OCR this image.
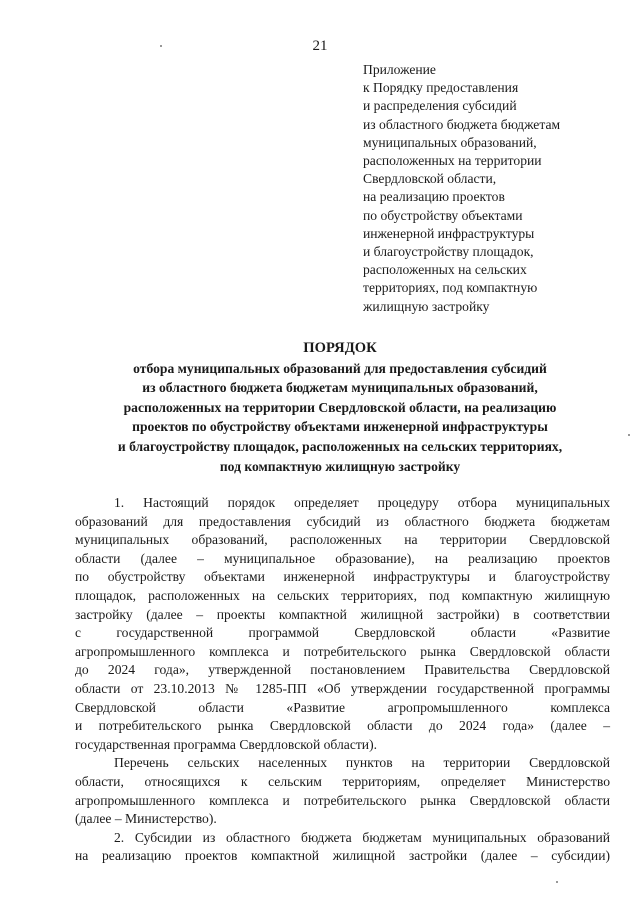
21
Приложение
к Порядку предоставления
и распределения субсидий
из областного бюджета бюджетам
муниципальных образований,
расположенных на территории
Свердловской области,
на реализацию проектов
по обустройству объектами
инженерной инфраструктуры
и благоустройству площадок,
расположенных на сельских
территориях, под компактную
жилищную застройку
ПОРЯДОК
отбора муниципальных образований для предоставления субсидий
из областного бюджета бюджетам муниципальных образований,
расположенных на территории Свердловской области, на реализацию
проектов по обустройству объектами инженерной инфраструктуры
и благоустройству площадок, расположенных на сельских территориях,
под компактную жилищную застройку
1. Настоящий порядок определяет процедуру отбора муниципальных
образований для предоставления субсидий из областного бюджета бюджетам
муниципальных образований, расположенных на территории Свердловской
области (далее – муниципальное образование), на реализацию проектов
по обустройству объектами инженерной инфраструктуры и благоустройству
площадок, расположенных на сельских территориях, под компактную жилищную
застройку (далее – проекты компактной жилищной застройки) в соответствии
с государственной программой Свердловской области «Развитие
агропромышленного комплекса и потребительского рынка Свердловской области
до 2024 года», утвержденной постановлением Правительства Свердловской
области от 23.10.2013 № 1285-ПП «Об утверждении государственной программы
Свердловской области «Развитие агропромышленного комплекса
и потребительского рынка Свердловской области до 2024 года» (далее –
государственная программа Свердловской области).
Перечень сельских населенных пунктов на территории Свердловской
области, относящихся к сельским территориям, определяет Министерство
агропромышленного комплекса и потребительского рынка Свердловской области
(далее – Министерство).
2. Субсидии из областного бюджета бюджетам муниципальных образований
на реализацию проектов компактной жилищной застройки (далее – субсидии)
